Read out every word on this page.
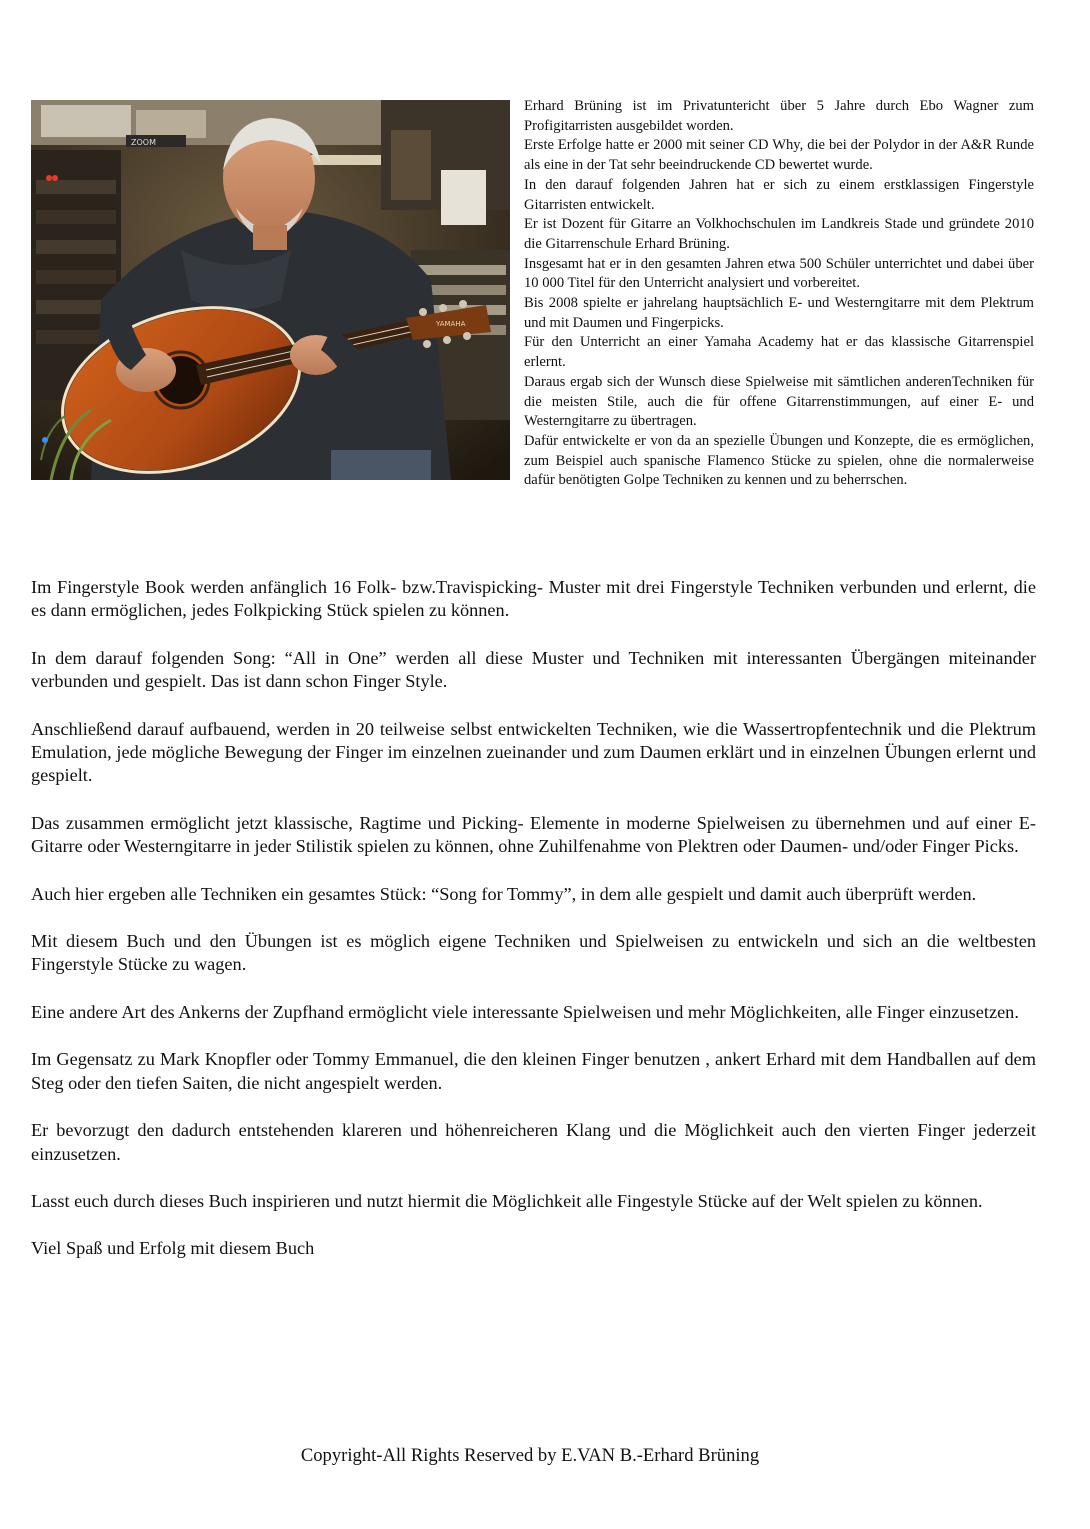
ZOOM
YAMAHA

Erhard Brüning ist im Privatuntericht über 5 Jahre durch Ebo Wagner zum Profigitarristen ausgebildet worden.

Erste Erfolge hatte er 2000 mit seiner CD Why, die bei der Polydor in der A&R Runde als eine in der Tat sehr beeindruckende CD bewertet wurde.

In den darauf folgenden Jahren hat er sich zu einem erstklassigen Fingerstyle Gitarristen entwickelt.

Er ist Dozent für Gitarre an Volkhochschulen im Landkreis Stade und gründete 2010 die Gitarrenschule Erhard Brüning.

Insgesamt hat er in den gesamten Jahren etwa 500 Schüler unterrichtet und dabei über 10 000 Titel für den Unterricht analysiert und vorbereitet.

Bis 2008 spielte er jahrelang hauptsächlich E- und Westerngitarre mit dem Plektrum und mit Daumen und Fingerpicks.

Für den Unterricht an einer Yamaha Academy hat er das klassische Gitarrenspiel erlernt.

Daraus ergab sich der Wunsch diese Spielweise mit sämtlichen anderenTechniken für die meisten Stile, auch die für offene Gitarrenstimmungen, auf einer E- und Westerngitarre zu übertragen.

Dafür entwickelte er von da an spezielle Übungen und Konzepte, die es ermöglichen, zum Beispiel auch spanische Flamenco Stücke zu spielen, ohne die normalerweise dafür benötigten Golpe Techniken zu kennen und zu beherrschen.

Im Fingerstyle Book werden anfänglich 16 Folk- bzw.Travispicking- Muster mit drei Fingerstyle Techniken verbunden und erlernt, die es dann ermöglichen, jedes Folkpicking Stück spielen zu können.

In dem darauf folgenden Song: “All in One” werden all diese Muster und Techniken mit interessanten Übergängen miteinander verbunden und gespielt. Das ist dann schon Finger Style.

Anschließend darauf aufbauend, werden in 20 teilweise selbst entwickelten Techniken, wie die Wassertropfentechnik und die Plektrum Emulation, jede mögliche Bewegung der Finger im einzelnen zueinander und zum Daumen erklärt und in einzelnen Übungen erlernt und gespielt.

Das zusammen ermöglicht jetzt klassische, Ragtime und Picking- Elemente in moderne Spielweisen zu übernehmen und auf einer E-Gitarre oder Westerngitarre in jeder Stilistik spielen zu können, ohne Zuhilfenahme von Plektren oder Daumen- und/oder Finger Picks.

Auch hier ergeben alle Techniken ein gesamtes Stück: “Song for Tommy”, in dem alle gespielt und damit auch überprüft werden.

Mit diesem Buch und den Übungen ist es möglich eigene Techniken und Spielweisen zu entwickeln und sich an die weltbesten Fingerstyle Stücke zu wagen.

Eine andere Art des Ankerns der Zupfhand ermöglicht viele interessante Spielweisen und mehr Möglichkeiten, alle Finger einzusetzen.

Im Gegensatz zu Mark Knopfler oder Tommy Emmanuel, die den kleinen Finger benutzen , ankert Erhard mit dem Handballen auf dem Steg oder den tiefen Saiten, die nicht angespielt werden.

Er bevorzugt den dadurch entstehenden klareren und höhenreicheren Klang und die Möglichkeit auch den vierten Finger jederzeit einzusetzen.

Lasst euch durch dieses Buch inspirieren und nutzt hiermit die Möglichkeit alle Fingestyle Stücke auf der Welt spielen zu können.

Viel Spaß und Erfolg mit diesem Buch

Copyright-All Rights Reserved by E.VAN B.-Erhard Brüning
